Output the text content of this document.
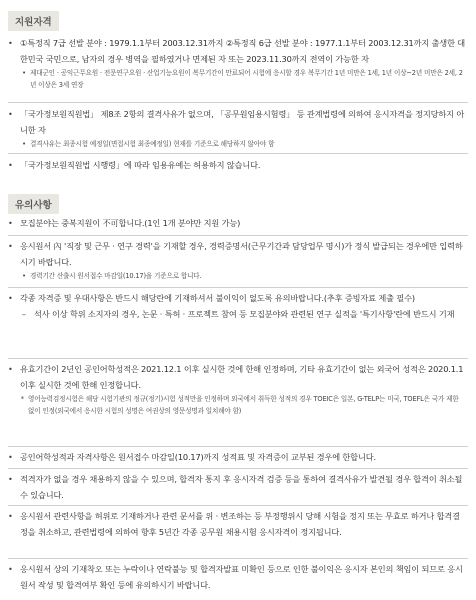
지원자격
• ①특정직 7급 선발 분야 : 1979.1.1부터 2003.12.31까지 ②특정직 6급 선발 분야 : 1977.1.1부터 2003.12.31까지 출생한 대한민국 국민으로, 남자의 경우 병역을 필하였거나 면제된 자 또는 2023.11.30까지 전역이 가능한 자
• 제대군인 · 공익근무요원 · 전문연구요원 · 산업기능요원이 복무기간이 만료되어 시험에 응시할 경우 복무기간 1년 미만은 1세, 1년 이상~2년 미만은 2세, 2년 이상은 3세 연장
• 「국가정보원직원법」 제8조 2항의 결격사유가 없으며, 「공무원임용시험령」 등 관계법령에 의하여 응시자격을 정지당하지 아니한 자
• 결격사유는 최종시험 예정일(면접시험 최종예정일) 현재를 기준으로 해당하지 않아야 함
• 「국가정보원직원법 시행령」에 따라 임용유예는 허용하지 않습니다.
유의사항
• 모집분야는 중복지원이 不可합니다.(1인 1개 분야만 지원 가능)
• 응시원서 內 '직장 및 근무 · 연구 경력'을 기재할 경우, 경력증명서(근무기간과 담당업무 명시)가 정식 발급되는 경우에만 입력하시기 바랍니다.
• 경력기간 산출시 원서접수 마감일(10.17)을 기준으로 합니다.
• 각종 자격증 및 우대사항은 반드시 해당란에 기재하셔서 불이익이 없도록 유의바랍니다.(추후 증빙자료 제출 필수)
– 석사 이상 학위 소지자의 경우, 논문 · 특허 · 프로젝트 참여 등 모집분야와 관련된 연구 실적을 '특기사항'란에 반드시 기재
• 유효기간이 2년인 공인어학성적은 2021.12.1 이후 실시한 것에 한해 인정하며, 기타 유효기간이 없는 외국어 성적은 2020.1.1 이후 실시한 것에 한해 인정합니다.
* 영어능력검정시험은 해당 시험기관의 정규(정기)시험 성적만을 인정하며 외국에서 취득한 성적의 경우 TOEIC은 일본, G-TELP는 미국, TOEFL은 국가 제한 없이 인정(외국에서 응시한 시험의 성명은 여권상의 영문성명과 일치해야 함)
• 공인어학성적과 자격사항은 원서접수 마감일(10.17)까지 성적표 및 자격증이 교부된 경우에 한합니다.
• 적격자가 없을 경우 채용하지 않을 수 있으며, 합격자 통지 후 응시자격 검증 등을 통하여 결격사유가 발견될 경우 합격이 취소될 수 있습니다.
• 응시원서 관련사항을 허위로 기재하거나 관련 문서를 위 · 변조하는 등 부정행위시 당해 시험을 정지 또는 무효로 하거나 합격결정을 취소하고, 관련법령에 의하여 향후 5년간 각종 공무원 채용시험 응시자격이 정지됩니다.
• 응시원서 상의 기재착오 또는 누락이나 연락불능 및 합격자발표 미확인 등으로 인한 불이익은 응시자 본인의 책임이 되므로 응시원서 작성 및 합격여부 확인 등에 유의하시기 바랍니다.
